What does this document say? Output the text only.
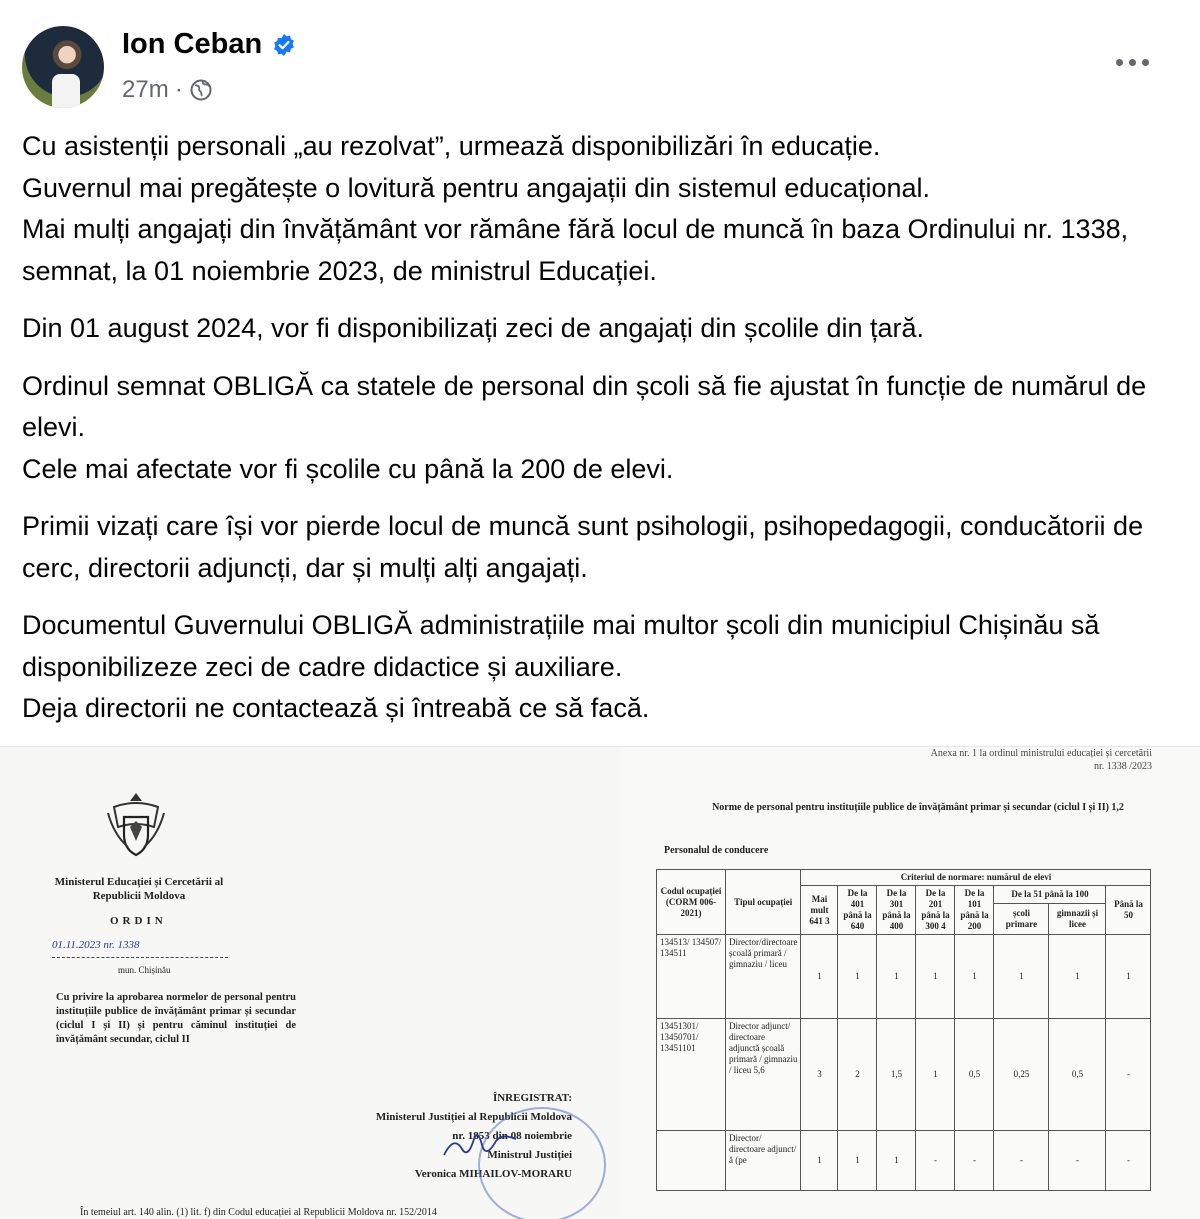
Ion Ceban
27m ·

Cu asistenții personali „au rezolvat”, urmează disponibilizări în educație.
Guvernul mai pregătește o lovitură pentru angajații din sistemul educațional.
Mai mulți angajați din învățământ vor rămâne fără locul de muncă în baza Ordinului nr. 1338, semnat, la 01 noiembrie 2023, de ministrul Educației.

Din 01 august 2024, vor fi disponibilizați zeci de angajați din școlile din țară.

Ordinul semnat OBLIGĂ ca statele de personal din școli să fie ajustat în funcție de numărul de elevi.
Cele mai afectate vor fi școlile cu până la 200 de elevi.

Primii vizați care își vor pierde locul de muncă sunt psihologii, psihopedagogii, conducătorii de cerc, directorii adjuncți, dar și mulți alți angajați.

Documentul Guvernului OBLIGĂ administrațiile mai multor școli din municipiul Chișinău să disponibilizeze zeci de cadre didactice și auxiliare.
Deja directorii ne contactează și întreabă ce să facă.

Ministerul Educației și Cercetării al Republicii Moldova
ORDIN
01.11.2023 nr. 1338
mun. Chișinău
Cu privire la aprobarea normelor de personal pentru instituțiile publice de învățământ primar și secundar (ciclul I și II) și pentru căminul instituției de învățământ secundar, ciclul II
ÎNREGISTRAT:
Ministerul Justiției al Republicii Moldova
nr. 1853 din 08 noiembrie
Ministrul Justiției
Veronica MIHAILOV-MORARU
În temeiul art. 140 alin. (1) lit. f) din Codul educației al Republicii Moldova nr. 152/2014
Anexa nr. 1 la ordinul ministrului educației și cercetării
nr. 1338 /2023
Norme de personal pentru instituțiile publice de învățământ primar și secundar (ciclul I și II) 1,2
Personalul de conducere
Codul ocupației (CORM 006-2021)	Tipul ocupației	Criteriul de normare: numărul de elevi							
		Mai mult 641 3	De la 401 până la 640	De la 301 până la 400	De la 201 până la 300 4	De la 101 până la 200	De la 51 până la 100		Până la 50
							școli primare	gimnazii și licee	
134513/ 134507/ 134511	Director/directoare școală primară / gimnaziu / liceu	1	1	1	1	1	1	1	1
13451301/ 13450701/ 13451101	Director adjunct/ directoare adjunctă școală primară / gimnaziu / liceu 5,6	3	2	1,5	1	0,5	0,25	0,5	-
	Director/ directoare adjunct/ă (pe	1	1	1	-	-	-	-	-
